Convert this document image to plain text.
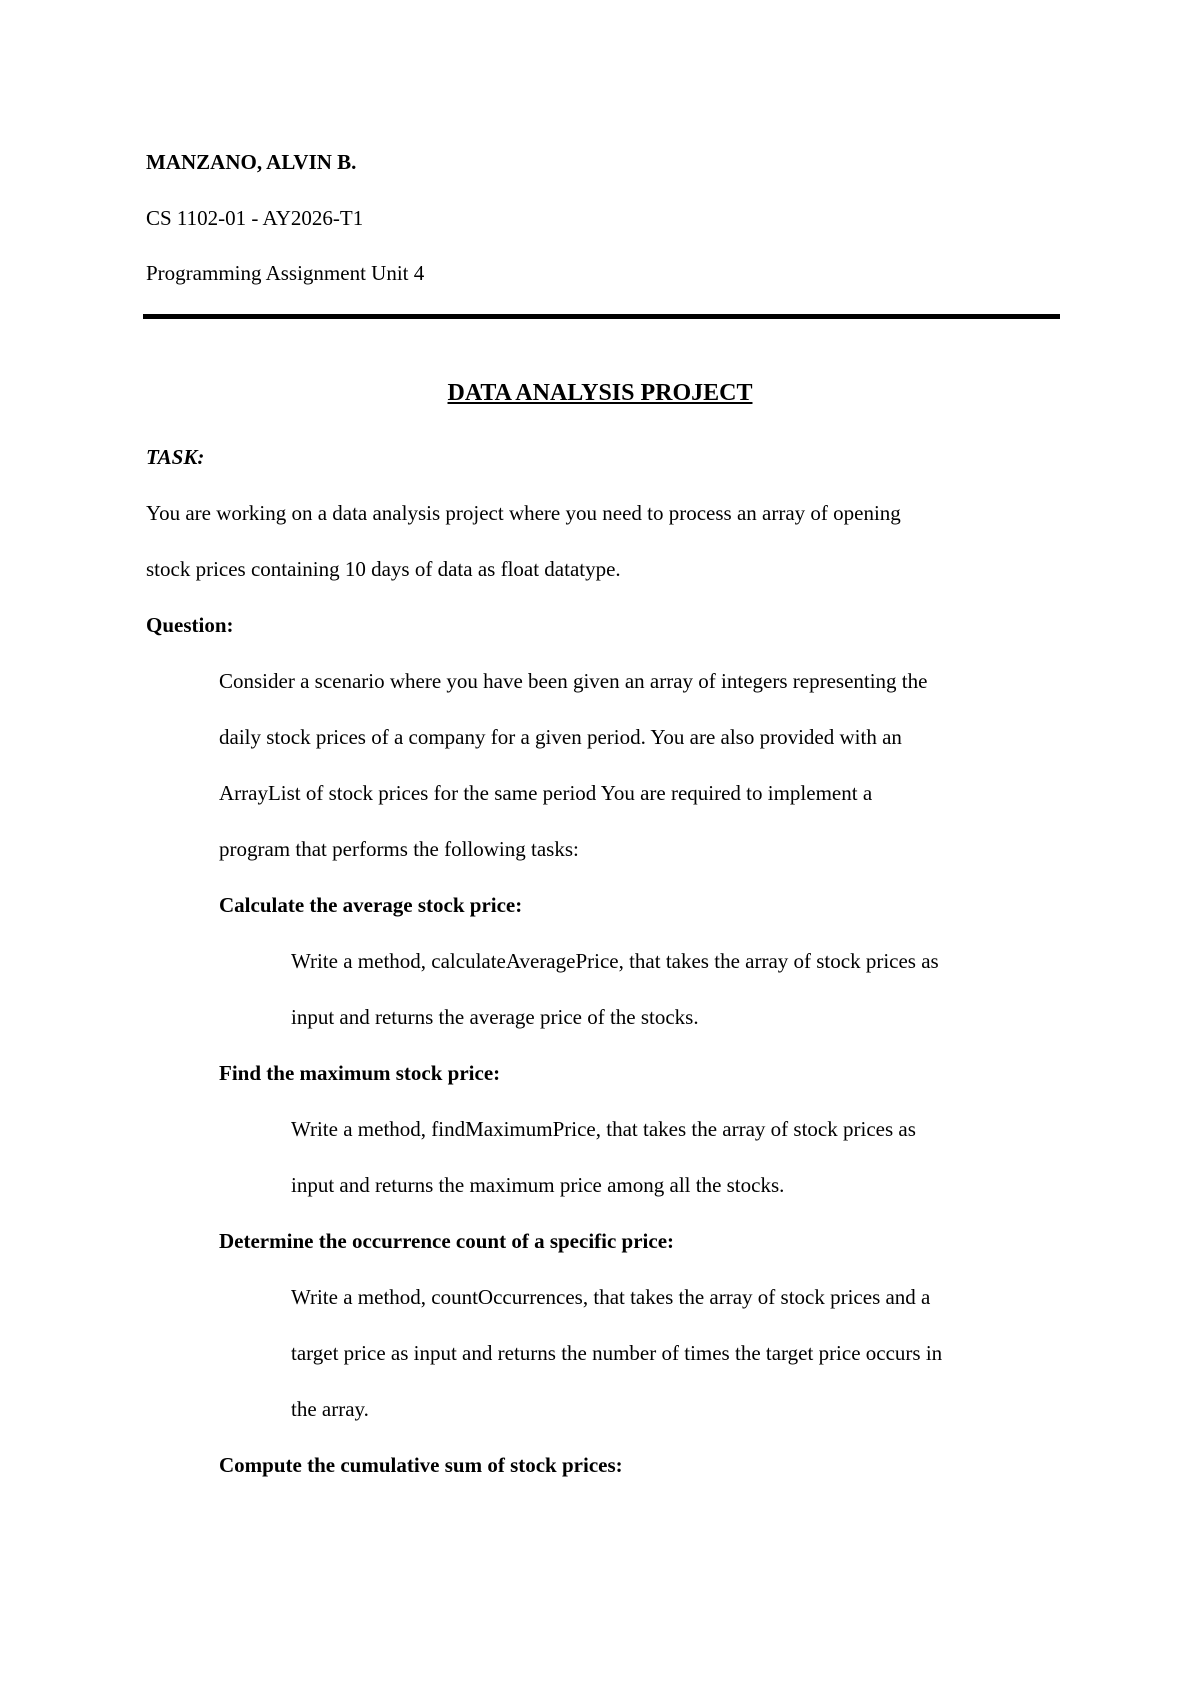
MANZANO, ALVIN B.

CS 1102-01 - AY2026-T1

Programming Assignment Unit 4

DATA ANALYSIS PROJECT

TASK:

You are working on a data analysis project where you need to process an array of opening

stock prices containing 10 days of data as float datatype.

Question:

Consider a scenario where you have been given an array of integers representing the

daily stock prices of a company for a given period. You are also provided with an

ArrayList of stock prices for the same period You are required to implement a

program that performs the following tasks:

Calculate the average stock price:

Write a method, calculateAveragePrice, that takes the array of stock prices as

input and returns the average price of the stocks.

Find the maximum stock price:

Write a method, findMaximumPrice, that takes the array of stock prices as

input and returns the maximum price among all the stocks.

Determine the occurrence count of a specific price:

Write a method, countOccurrences, that takes the array of stock prices and a

target price as input and returns the number of times the target price occurs in

the array.

Compute the cumulative sum of stock prices:
